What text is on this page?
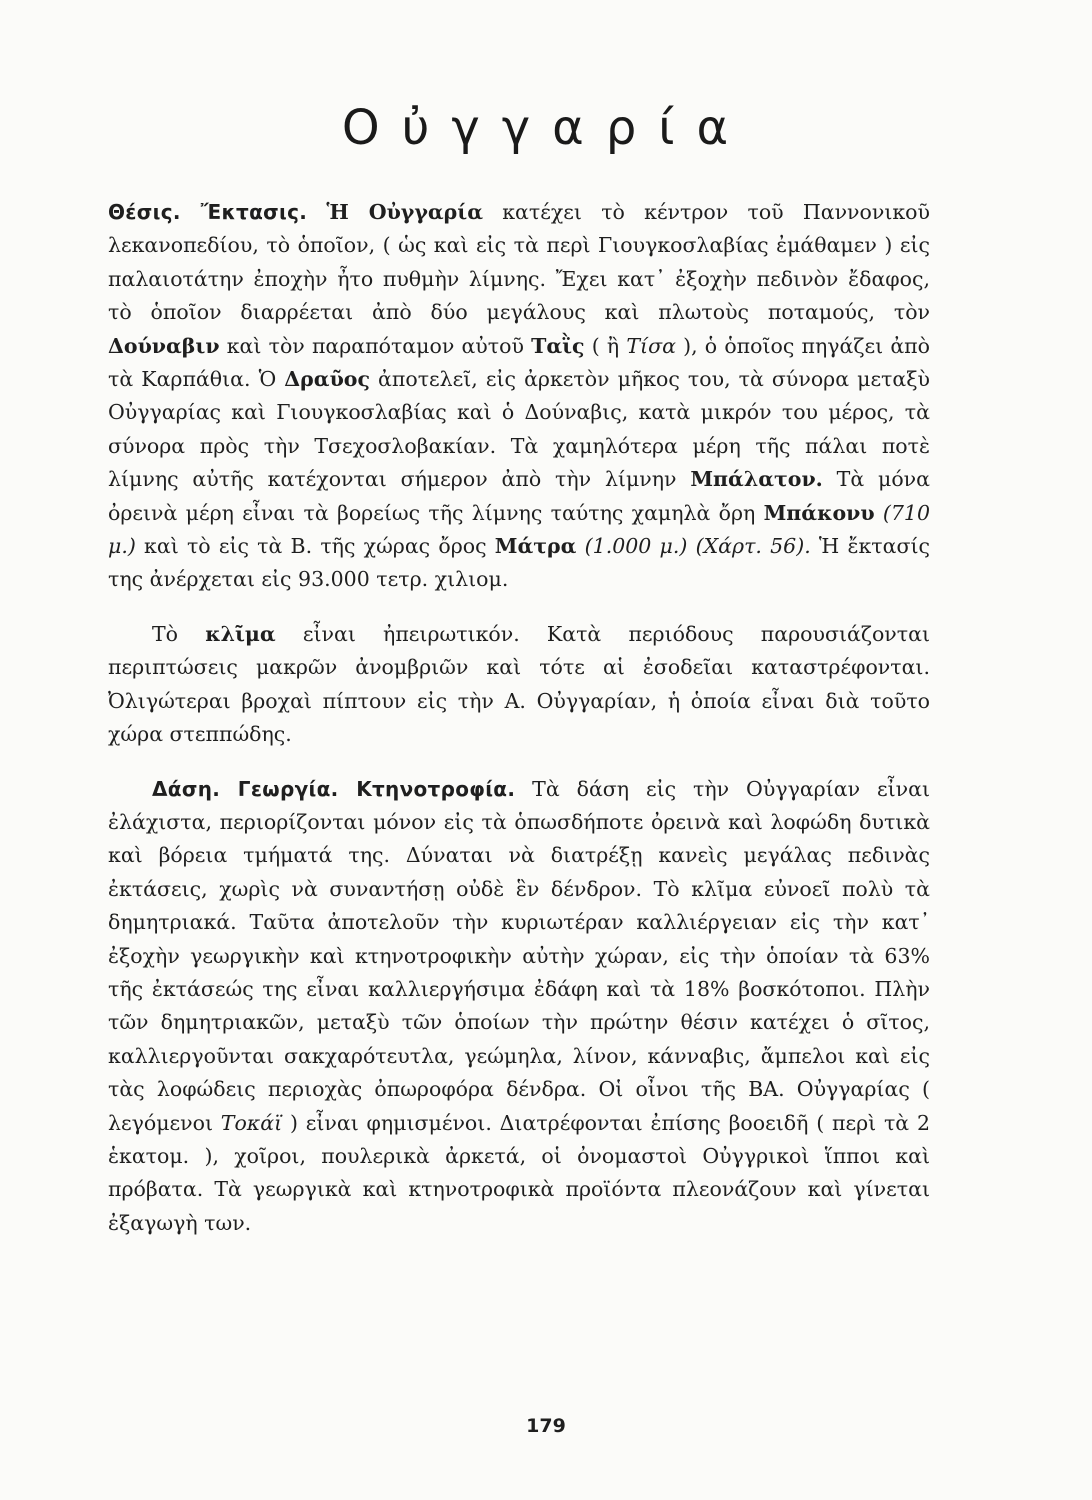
Οὐγγαρία

Θέσις. Ἔκτασις. Ἡ Οὐγγαρία κατέχει τὸ κέντρον τοῦ Παννονικοῦ λεκανοπεδίου, τὸ ὁποῖον, ( ὡς καὶ εἰς τὰ περὶ Γιουγκοσλαβίας ἐμάθαμεν ) εἰς παλαιοτάτην ἐποχὴν ἦτο πυθμὴν λίμνης. Ἔχει κατ᾽ ἐξοχὴν πεδινὸν ἔδαφος, τὸ ὁποῖον διαρρέεται ἀπὸ δύο μεγάλους καὶ πλωτοὺς ποταμούς, τὸν Δούναβιν καὶ τὸν παραπόταμον αὐτοῦ Ταῒς ( ἢ Τίσα ), ὁ ὁποῖος πηγάζει ἀπὸ τὰ Καρπάθια. Ὁ Δραῦος ἀποτελεῖ, εἰς ἀρκετὸν μῆκος του, τὰ σύνορα μεταξὺ Οὐγγαρίας καὶ Γιουγκοσλαβίας καὶ ὁ Δούναβις, κατὰ μικρόν του μέρος, τὰ σύνορα πρὸς τὴν Τσεχοσλοβακίαν. Τὰ χαμηλότερα μέρη τῆς πάλαι ποτὲ λίμνης αὐτῆς κατέχονται σήμερον ἀπὸ τὴν λίμνην Μπάλατον. Τὰ μόνα ὀρεινὰ μέρη εἶναι τὰ βορείως τῆς λίμνης ταύτης χαμηλὰ ὄρη Μπάκονυ (710 μ.) καὶ τὸ εἰς τὰ Β. τῆς χώρας ὄρος Μάτρα (1.000 μ.) (Χάρτ. 56). Ἡ ἔκτασίς της ἀνέρχεται εἰς 93.000 τετρ. χιλιομ.

Τὸ κλῖμα εἶναι ἠπειρωτικόν. Κατὰ περιόδους παρουσιάζονται περιπτώσεις μακρῶν ἀνομβριῶν καὶ τότε αἱ ἐσοδεῖαι καταστρέφονται. Ὀλιγώτεραι βροχαὶ πίπτουν εἰς τὴν Α. Οὐγγαρίαν, ἡ ὁποία εἶναι διὰ τοῦτο χώρα στεππώδης.

Δάση. Γεωργία. Κτηνοτροφία. Τὰ δάση εἰς τὴν Οὐγγαρίαν εἶναι ἐλάχιστα, περιορίζονται μόνον εἰς τὰ ὁπωσδήποτε ὀρεινὰ καὶ λοφώδη δυτικὰ καὶ βόρεια τμήματά της. Δύναται νὰ διατρέξῃ κανεὶς μεγάλας πεδινὰς ἐκτάσεις, χωρὶς νὰ συναντήσῃ οὐδὲ ἓν δένδρον. Τὸ κλῖμα εὐνοεῖ πολὺ τὰ δημητριακά. Ταῦτα ἀποτελοῦν τὴν κυριωτέραν καλλιέργειαν εἰς τὴν κατ᾽ ἐξοχὴν γεωργικὴν καὶ κτηνοτροφικὴν αὐτὴν χώραν, εἰς τὴν ὁποίαν τὰ 63% τῆς ἐκτάσεώς της εἶναι καλλιεργήσιμα ἐδάφη καὶ τὰ 18% βοσκότοποι. Πλὴν τῶν δημητριακῶν, μεταξὺ τῶν ὁποίων τὴν πρώτην θέσιν κατέχει ὁ σῖτος, καλλιεργοῦνται σακχαρότευτλα, γεώμηλα, λίνον, κάνναβις, ἄμπελοι καὶ εἰς τὰς λοφώδεις περιοχὰς ὀπωροφόρα δένδρα. Οἱ οἶνοι τῆς ΒΑ. Οὐγγαρίας ( λεγόμενοι Τοκάϊ ) εἶναι φημισμένοι. Διατρέφονται ἐπίσης βοοειδῆ ( περὶ τὰ 2 ἑκατομ. ), χοῖροι, πουλερικὰ ἀρκετά, οἱ ὀνομαστοὶ Οὐγγρικοὶ ἵπποι καὶ πρόβατα. Τὰ γεωργικὰ καὶ κτηνοτροφικὰ προϊόντα πλεονάζουν καὶ γίνεται ἐξαγωγὴ των.

179
